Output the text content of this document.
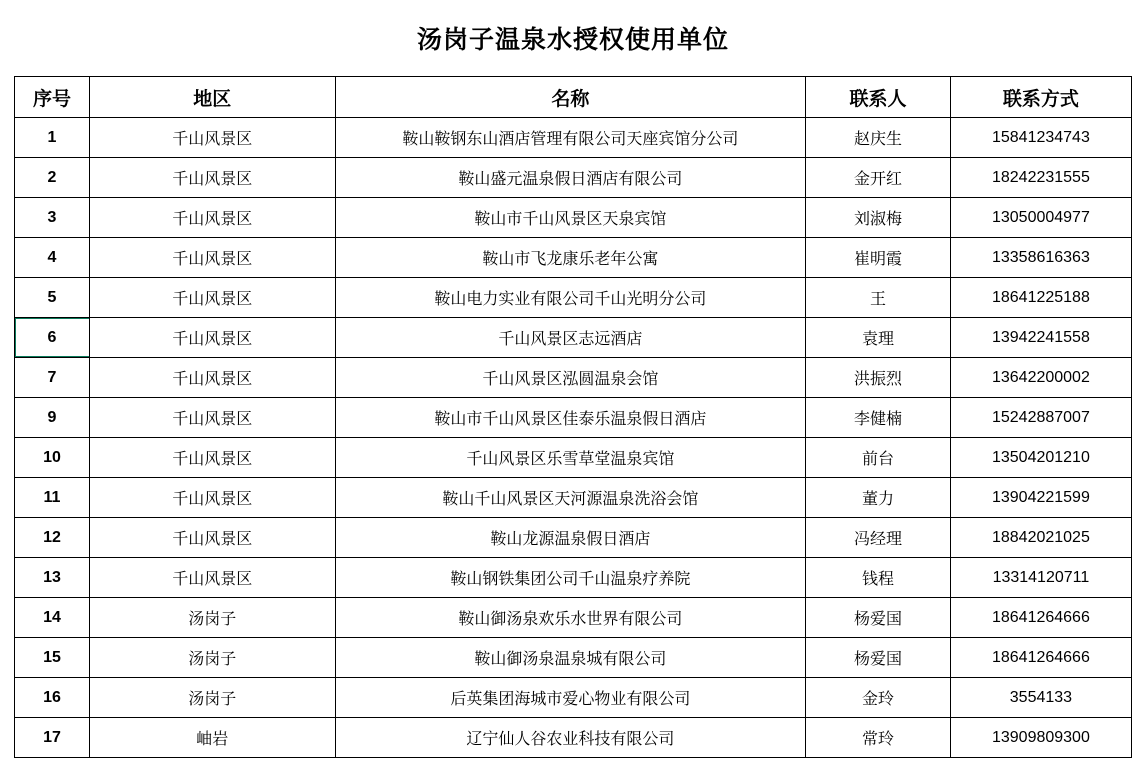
汤岗子温泉水授权使用单位
序号	地区	名称	联系人	联系方式
1	千山风景区	鞍山鞍钢东山酒店管理有限公司天座宾馆分公司	赵庆生	15841234743
2	千山风景区	鞍山盛元温泉假日酒店有限公司	金开红	18242231555
3	千山风景区	鞍山市千山风景区天泉宾馆	刘淑梅	13050004977
4	千山风景区	鞍山市飞龙康乐老年公寓	崔明霞	13358616363
5	千山风景区	鞍山电力实业有限公司千山光明分公司	王	18641225188
6	千山风景区	千山风景区志远酒店	袁理	13942241558
7	千山风景区	千山风景区泓圆温泉会馆	洪振烈	13642200002
9	千山风景区	鞍山市千山风景区佳泰乐温泉假日酒店	李健楠	15242887007
10	千山风景区	千山风景区乐雪草堂温泉宾馆	前台	13504201210
11	千山风景区	鞍山千山风景区天河源温泉洗浴会馆	董力	13904221599
12	千山风景区	鞍山龙源温泉假日酒店	冯经理	18842021025
13	千山风景区	鞍山钢铁集团公司千山温泉疗养院	钱程	13314120711
14	汤岗子	鞍山御汤泉欢乐水世界有限公司	杨爱国	18641264666
15	汤岗子	鞍山御汤泉温泉城有限公司	杨爱国	18641264666
16	汤岗子	后英集团海城市爱心物业有限公司	金玲	3554133
17	岫岩	辽宁仙人谷农业科技有限公司	常玲	13909809300
